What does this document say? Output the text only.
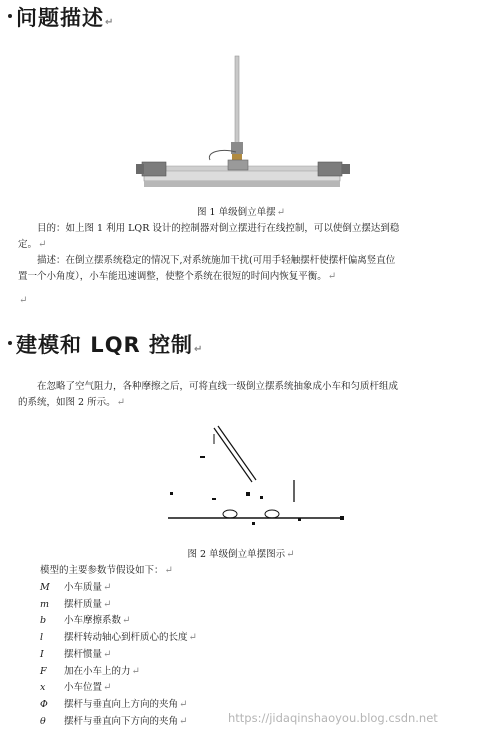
问题描述↵
图 1 单级倒立单摆↵
目的：如上图 1 利用 LQR 设计的控制器对倒立摆进行在线控制，可以使倒立摆达到稳
定。↵
描述：在倒立摆系统稳定的情况下,对系统施加干扰(可用手轻触摆杆使摆杆偏离竖直位
置一个小角度），小车能迅速调整，使整个系统在很短的时间内恢复平衡。↵
↵
建模和 LQR 控制↵
在忽略了空气阻力，各种摩擦之后，可将直线一级倒立摆系统抽象成小车和匀质杆组成
的系统，如图 2 所示。↵
图 2 单级倒立单摆图示↵
模型的主要参数节假设如下：↵
M 小车质量↵
m 摆杆质量↵
b 小车摩擦系数↵
l 摆杆转动轴心到杆质心的长度↵
I 摆杆惯量↵
F 加在小车上的力↵
x 小车位置↵
Φ 摆杆与垂直向上方向的夹角↵
θ 摆杆与垂直向下方向的夹角↵	https://jidaqinshaoyou.blog.csdn.net
